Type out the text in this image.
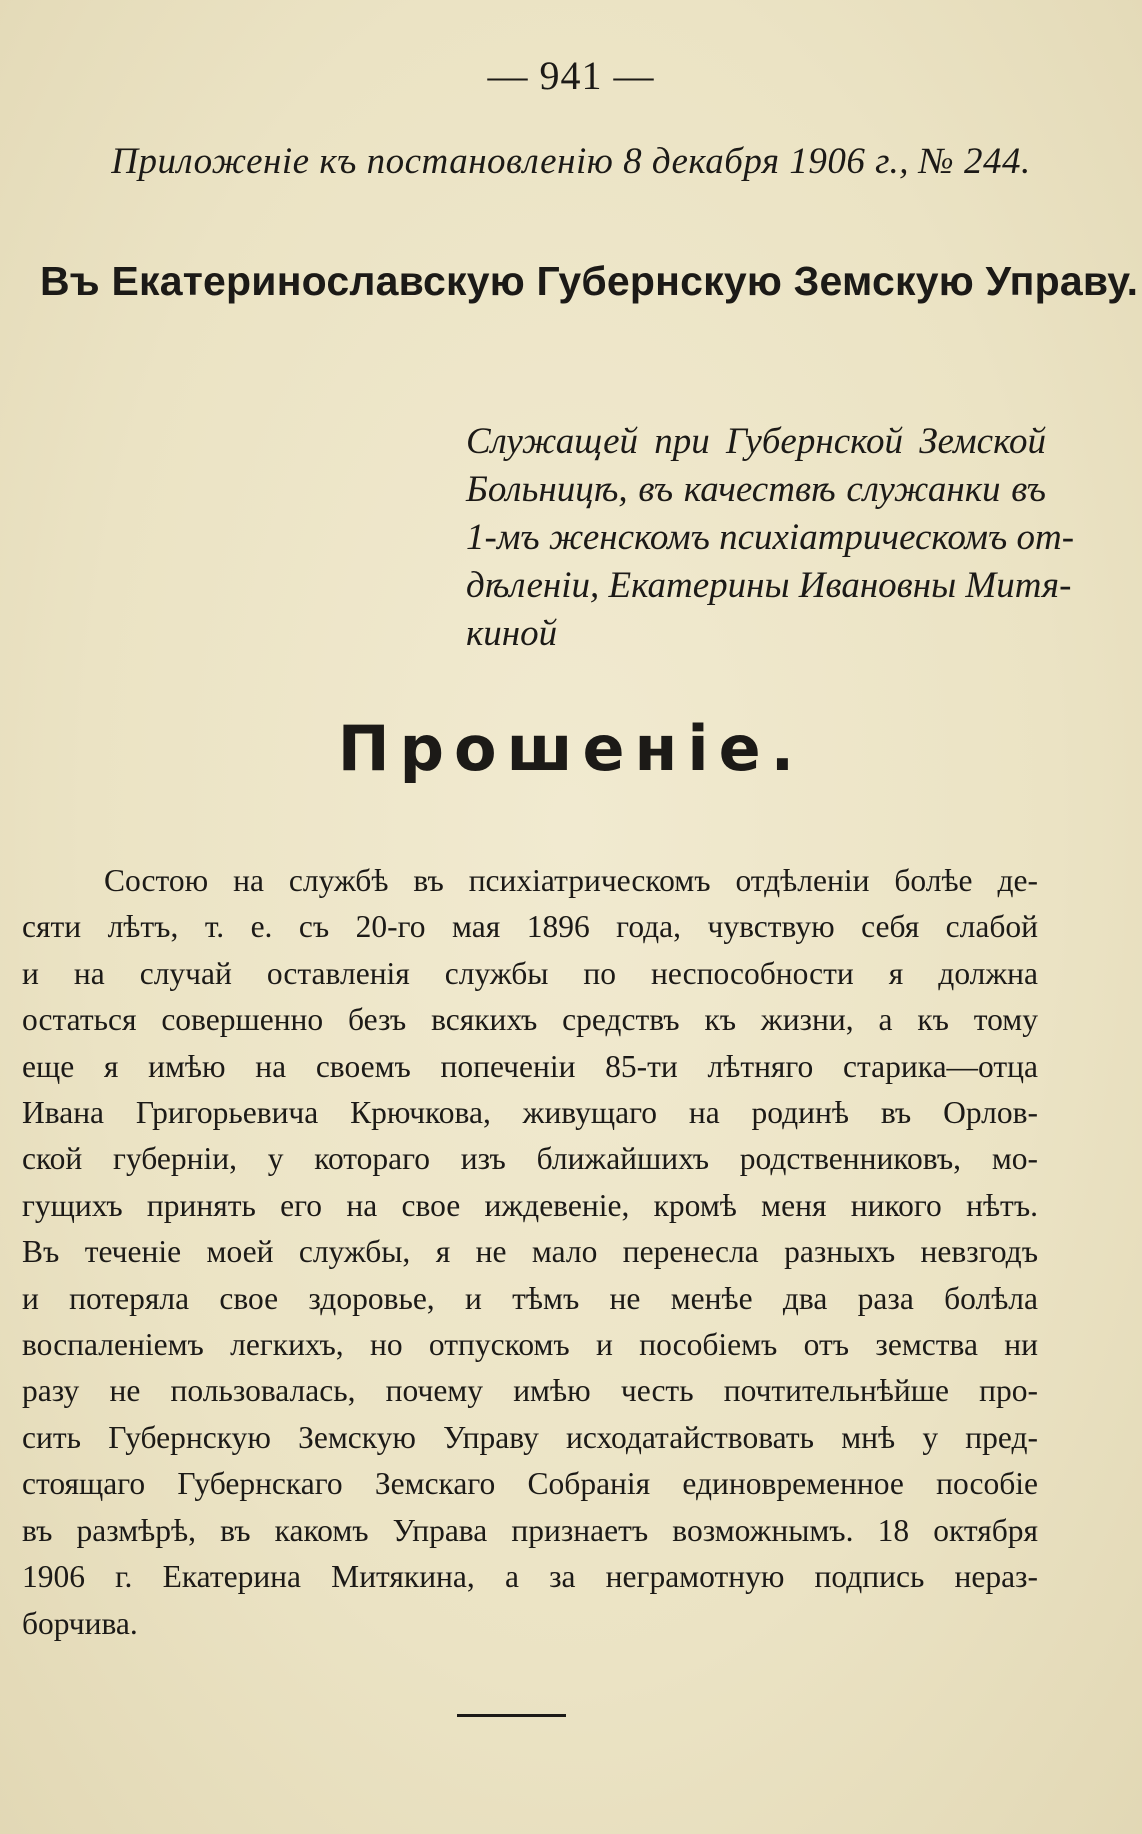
— 941 —
Приложенiе къ постановленiю 8 декабря 1906 г., № 244.
Въ Екатеринославскую Губернскую Земскую Управу.
Служащей при Губернской Земской
Больницѣ, въ качествѣ служанки въ
1-мъ женскомъ психiатрическомъ от-
дѣленiи, Екатерины Ивановны Митя-
киной
Прошенiе.
Состою на службѣ въ психiатрическомъ отдѣленiи болѣе де-
сяти лѣтъ, т. е. съ 20-го мая 1896 года, чувствую себя слабой
и на случай оставленiя службы по неспособности я должна
остаться совершенно безъ всякихъ средствъ къ жизни, а къ тому
еще я имѣю на своемъ попеченiи 85-ти лѣтняго старика—отца
Ивана Григорьевича Крючкова, живущаго на родинѣ въ Орлов-
ской губернiи, у котораго изъ ближайшихъ родственниковъ, мо-
гущихъ принять его на свое иждевенiе, кромѣ меня никого нѣтъ.
Въ теченiе моей службы, я не мало перенесла разныхъ невзгодъ
и потеряла свое здоровье, и тѣмъ не менѣе два раза болѣла
воспаленiемъ легкихъ, но отпускомъ и пособiемъ отъ земства ни
разу не пользовалась, почему имѣю честь почтительнѣйше про-
сить Губернскую Земскую Управу исходатайствовать мнѣ у пред-
стоящаго Губернскаго Земскаго Собранiя единовременное пособiе
въ размѣрѣ, въ какомъ Управа признаетъ возможнымъ. 18 октября
1906 г. Екатерина Митякина, а за неграмотную подпись нераз-
борчива.
